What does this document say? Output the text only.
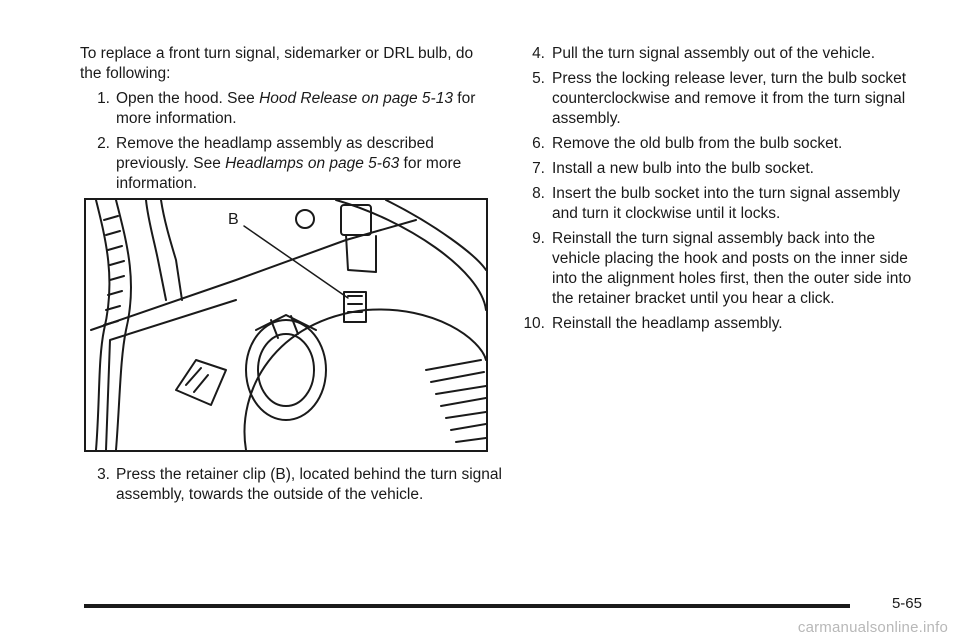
To replace a front turn signal, sidemarker or DRL bulb, do the following:

1. Open the hood. See Hood Release on page 5-13 for more information.
2. Remove the headlamp assembly as described previously. See Headlamps on page 5-63 for more information.
B
3. Press the retainer clip (B), located behind the turn signal assembly, towards the outside of the vehicle.
4. Pull the turn signal assembly out of the vehicle.
5. Press the locking release lever, turn the bulb socket counterclockwise and remove it from the turn signal assembly.
6. Remove the old bulb from the bulb socket.
7. Install a new bulb into the bulb socket.
8. Insert the bulb socket into the turn signal assembly and turn it clockwise until it locks.
9. Reinstall the turn signal assembly back into the vehicle placing the hook and posts on the inner side into the alignment holes first, then the outer side into the retainer bracket until you hear a click.
10. Reinstall the headlamp assembly.
5-65
carmanualsonline.info
